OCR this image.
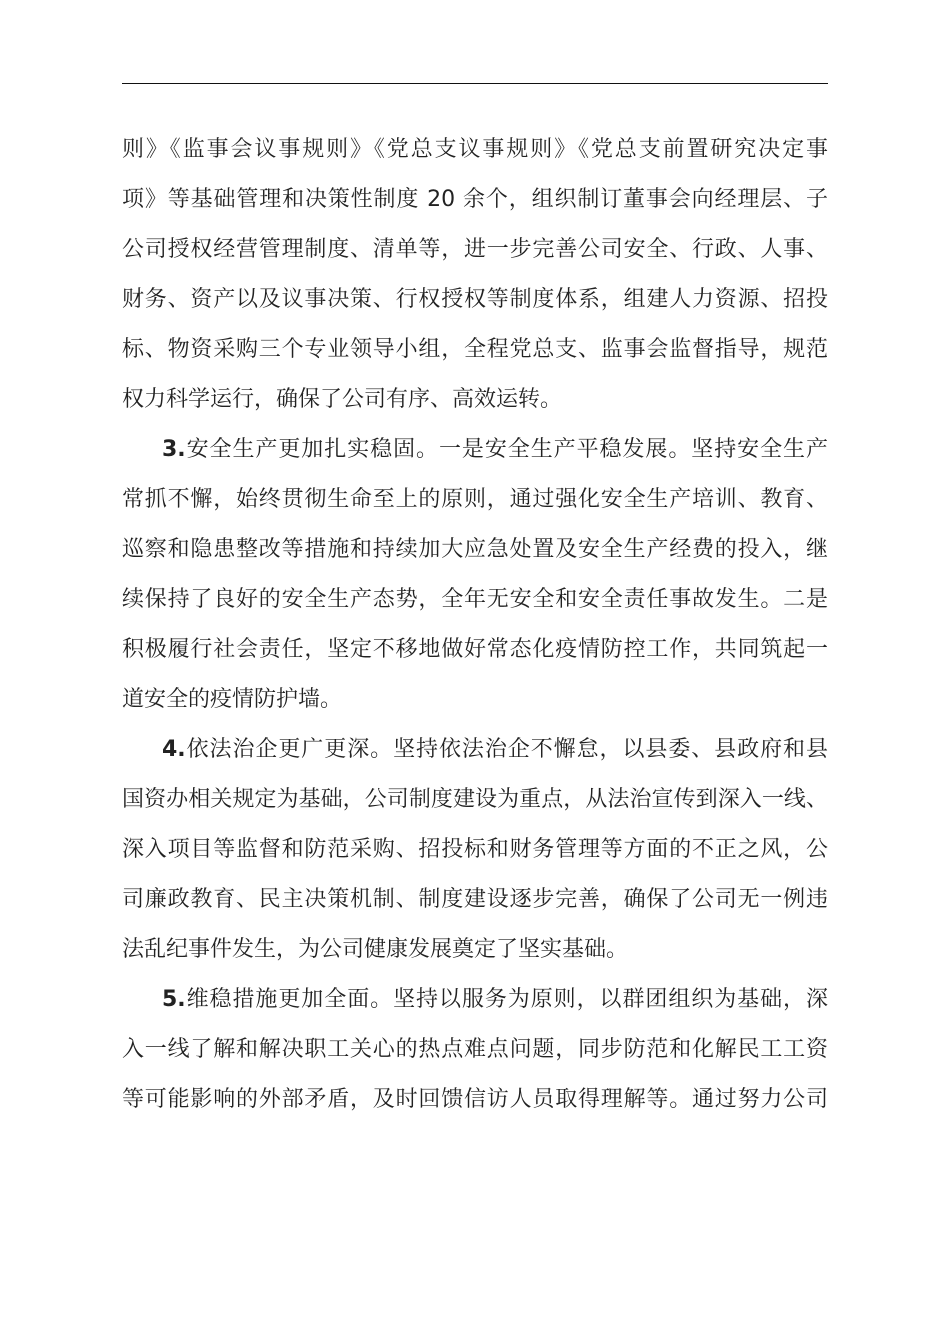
则》《监事会议事规则》《党总支议事规则》《党总支前置研究决定事
项》等基础管理和决策性制度 20 余个，组织制订董事会向经理层、子
公司授权经营管理制度、清单等，进一步完善公司安全、行政、人事、
财务、资产以及议事决策、行权授权等制度体系，组建人力资源、招投
标、物资采购三个专业领导小组，全程党总支、监事会监督指导，规范
权力科学运行，确保了公司有序、高效运转。
3.安全生产更加扎实稳固。一是安全生产平稳发展。坚持安全生产
常抓不懈，始终贯彻生命至上的原则，通过强化安全生产培训、教育、
巡察和隐患整改等措施和持续加大应急处置及安全生产经费的投入，继
续保持了良好的安全生产态势，全年无安全和安全责任事故发生。二是
积极履行社会责任，坚定不移地做好常态化疫情防控工作，共同筑起一
道安全的疫情防护墙。
4.依法治企更广更深。坚持依法治企不懈怠，以县委、县政府和县
国资办相关规定为基础，公司制度建设为重点，从法治宣传到深入一线、
深入项目等监督和防范采购、招投标和财务管理等方面的不正之风，公
司廉政教育、民主决策机制、制度建设逐步完善，确保了公司无一例违
法乱纪事件发生，为公司健康发展奠定了坚实基础。
5.维稳措施更加全面。坚持以服务为原则，以群团组织为基础，深
入一线了解和解决职工关心的热点难点问题，同步防范和化解民工工资
等可能影响的外部矛盾，及时回馈信访人员取得理解等。通过努力公司
